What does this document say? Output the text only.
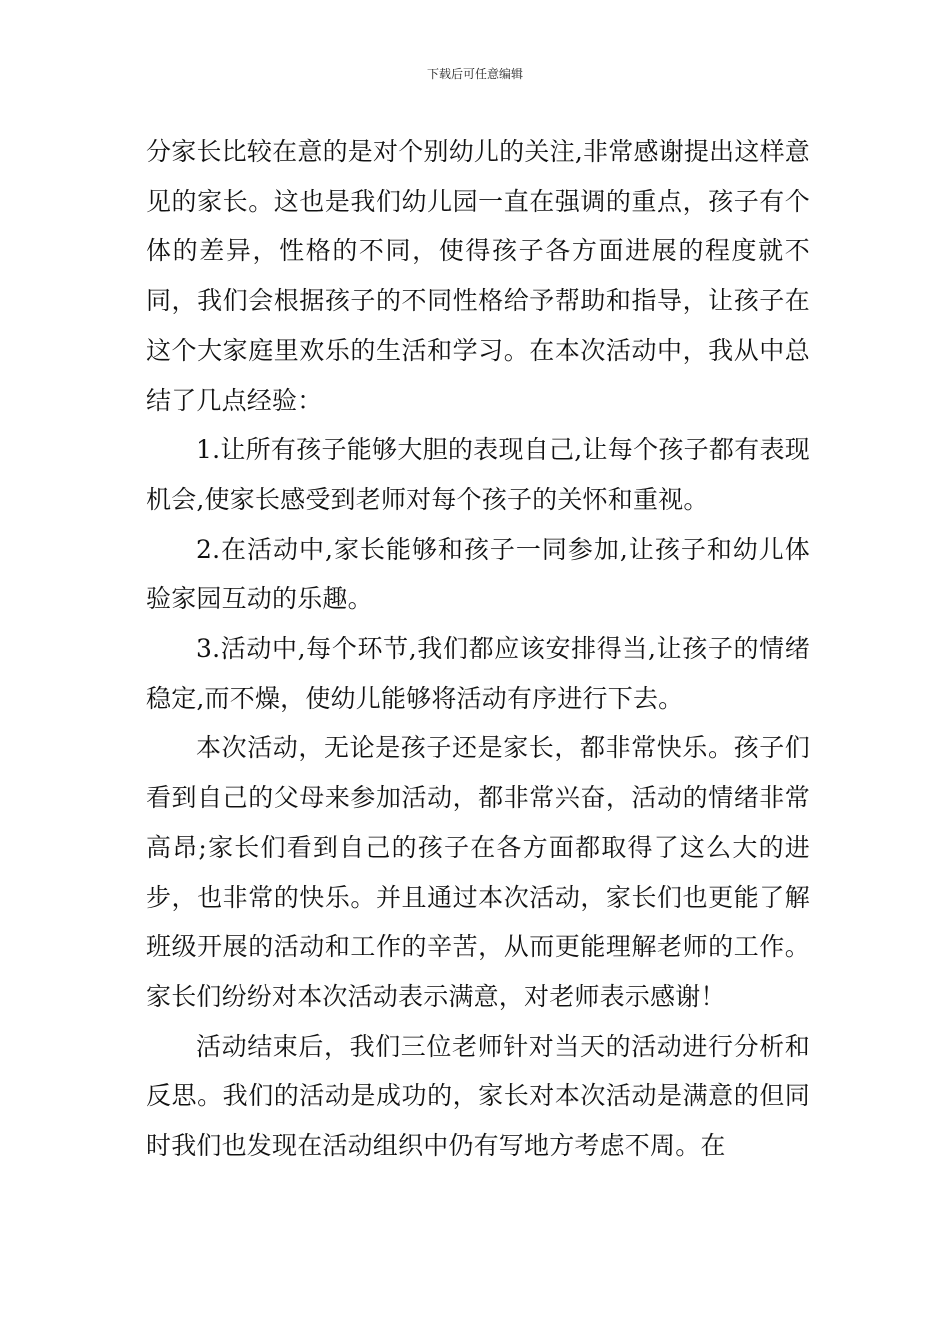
下载后可任意编辑

分家长比较在意的是对个别幼儿的关注,非常感谢提出这样意见的家长。这也是我们幼儿园一直在强调的重点，孩子有个体的差异，性格的不同，使得孩子各方面进展的程度就不同，我们会根据孩子的不同性格给予帮助和指导，让孩子在这个大家庭里欢乐的生活和学习。在本次活动中，我从中总结了几点经验：

1.让所有孩子能够大胆的表现自己,让每个孩子都有表现机会,使家长感受到老师对每个孩子的关怀和重视。

2.在活动中,家长能够和孩子一同参加,让孩子和幼儿体验家园互动的乐趣。

3.活动中,每个环节,我们都应该安排得当,让孩子的情绪稳定,而不燥，使幼儿能够将活动有序进行下去。

本次活动，无论是孩子还是家长，都非常快乐。孩子们看到自己的父母来参加活动，都非常兴奋，活动的情绪非常高昂;家长们看到自己的孩子在各方面都取得了这么大的进步，也非常的快乐。并且通过本次活动，家长们也更能了解班级开展的活动和工作的辛苦，从而更能理解老师的工作。家长们纷纷对本次活动表示满意，对老师表示感谢！

活动结束后，我们三位老师针对当天的活动进行分析和反思。我们的活动是成功的，家长对本次活动是满意的但同时我们也发现在活动组织中仍有写地方考虑不周。在
